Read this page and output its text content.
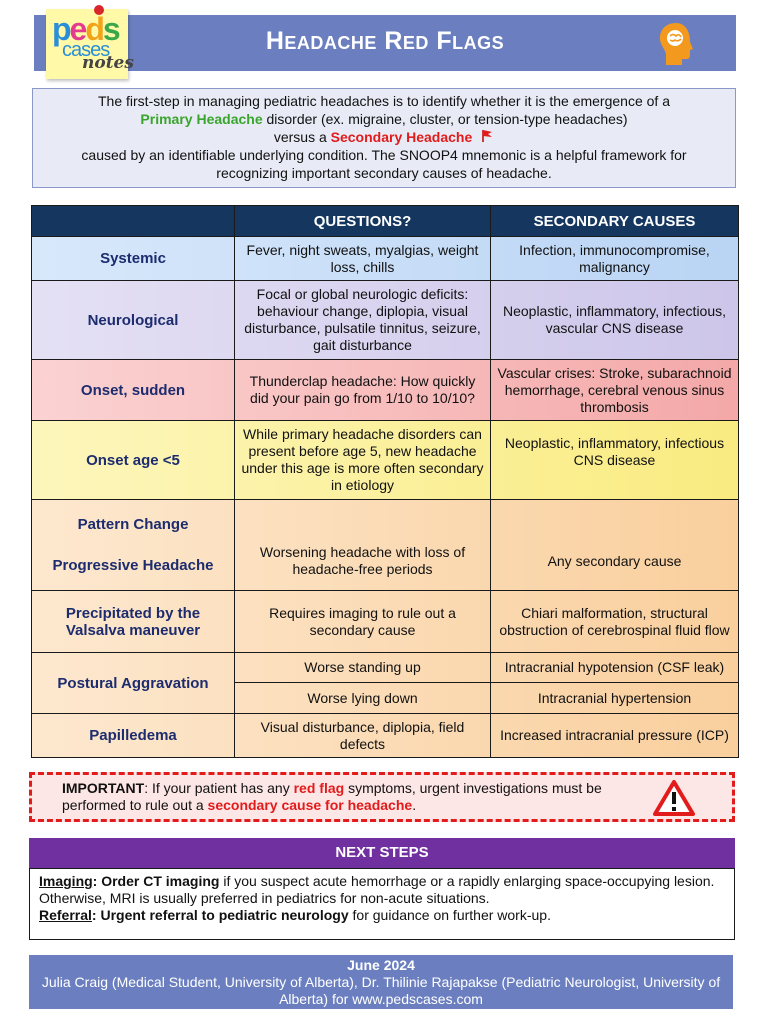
peds
cases
notes
Headache Red Flags
The first-step in managing pediatric headaches is to identify whether it is the emergence of a
Primary Headache disorder (ex. migraine, cluster, or tension-type headaches)
versus a Secondary Headache
caused by an identifiable underlying condition. The SNOOP4 mnemonic is a helpful framework for
recognizing important secondary causes of headache.
	QUESTIONS?	SECONDARY CAUSES
Systemic	Fever, night sweats, myalgias, weight loss, chills	Infection, immunocompromise, malignancy
Neurological	Focal or global neurologic deficits: behaviour change, diplopia, visual disturbance, pulsatile tinnitus, seizure, gait disturbance	Neoplastic, inflammatory, infectious, vascular CNS disease
Onset, sudden	Thunderclap headache: How quickly did your pain go from 1/10 to 10/10?	Vascular crises: Stroke, subarachnoid hemorrhage, cerebral venous sinus thrombosis
Onset age <5	While primary headache disorders can present before age 5, new headache under this age is more often secondary in etiology	Neoplastic, inflammatory, infectious CNS disease

Pattern Change
Progressive Headache	Worsening headache with loss of headache-free periods	Any secondary cause
Precipitated by the Valsalva maneuver	Requires imaging to rule out a secondary cause	Chiari malformation, structural obstruction of cerebrospinal fluid flow
Postural Aggravation	Worse standing up	Intracranial hypotension (CSF leak)
	Worse lying down	Intracranial hypertension
Papilledema	Visual disturbance, diplopia, field defects	Increased intracranial pressure (ICP)
IMPORTANT: If your patient has any red flag symptoms, urgent investigations must be performed to rule out a secondary cause for headache.
NEXT STEPS
Imaging: Order CT imaging if you suspect acute hemorrhage or a rapidly enlarging space-occupying lesion. Otherwise, MRI is usually preferred in pediatrics for non-acute situations.
Referral: Urgent referral to pediatric neurology for guidance on further work-up.
June 2024
Julia Craig (Medical Student, University of Alberta), Dr. Thilinie Rajapakse (Pediatric Neurologist, University of Alberta) for www.pedscases.com
